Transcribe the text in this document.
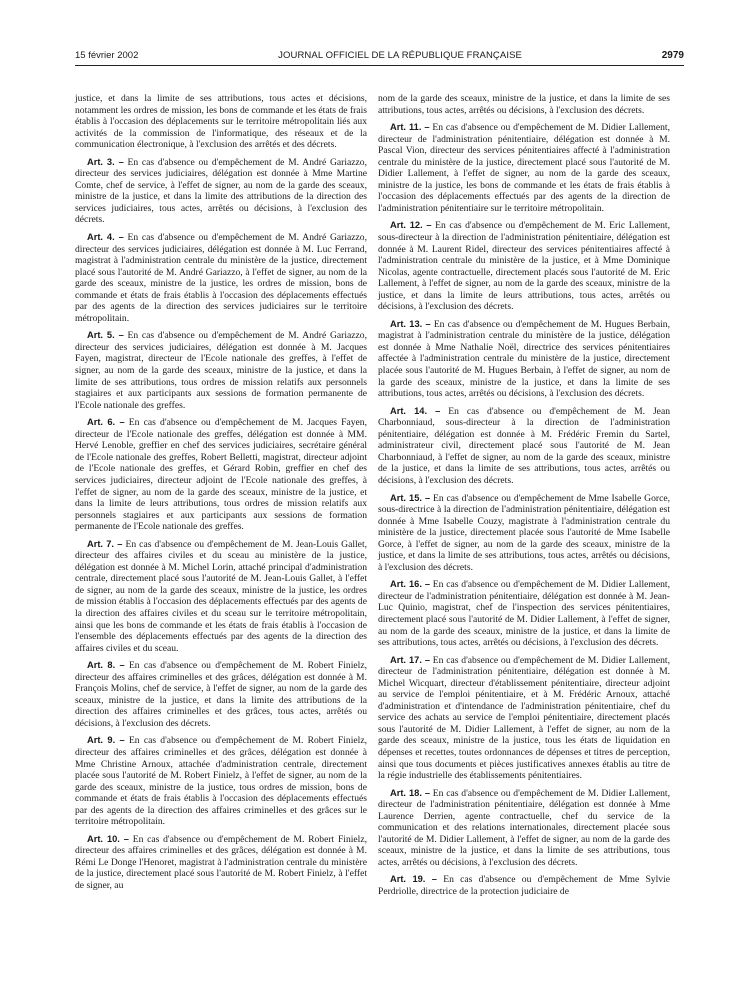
15 février 2002	JOURNAL OFFICIEL DE LA RÉPUBLIQUE FRANÇAISE	2979

justice, et dans la limite de ses attributions, tous actes et décisions, notamment les ordres de mission, les bons de commande et les états de frais établis à l'occasion des déplacements sur le territoire métropolitain liés aux activités de la commission de l'informatique, des réseaux et de la communication électronique, à l'exclusion des arrêtés et des décrets.

Art. 3. – En cas d'absence ou d'empêchement de M. André Gariazzo, directeur des services judiciaires, délégation est donnée à Mme Martine Comte, chef de service, à l'effet de signer, au nom de la garde des sceaux, ministre de la justice, et dans la limite des attributions de la direction des services judiciaires, tous actes, arrêtés ou décisions, à l'exclusion des décrets.

Art. 4. – En cas d'absence ou d'empêchement de M. André Gariazzo, directeur des services judiciaires, délégation est donnée à M. Luc Ferrand, magistrat à l'administration centrale du ministère de la justice, directement placé sous l'autorité de M. André Gariazzo, à l'effet de signer, au nom de la garde des sceaux, ministre de la justice, les ordres de mission, bons de commande et états de frais établis à l'occasion des déplacements effectués par des agents de la direction des services judiciaires sur le territoire métropolitain.

Art. 5. – En cas d'absence ou d'empêchement de M. André Gariazzo, directeur des services judiciaires, délégation est donnée à M. Jacques Fayen, magistrat, directeur de l'Ecole nationale des greffes, à l'effet de signer, au nom de la garde des sceaux, ministre de la justice, et dans la limite de ses attributions, tous ordres de mission relatifs aux personnels stagiaires et aux participants aux sessions de formation permanente de l'Ecole nationale des greffes.

Art. 6. – En cas d'absence ou d'empêchement de M. Jacques Fayen, directeur de l'Ecole nationale des greffes, délégation est donnée à MM. Hervé Lenoble, greffier en chef des services judiciaires, secrétaire général de l'Ecole nationale des greffes, Robert Belletti, magistrat, directeur adjoint de l'Ecole nationale des greffes, et Gérard Robin, greffier en chef des services judiciaires, directeur adjoint de l'Ecole nationale des greffes, à l'effet de signer, au nom de la garde des sceaux, ministre de la justice, et dans la limite de leurs attributions, tous ordres de mission relatifs aux personnels stagiaires et aux participants aux sessions de formation permanente de l'Ecole nationale des greffes.

Art. 7. – En cas d'absence ou d'empêchement de M. Jean-Louis Gallet, directeur des affaires civiles et du sceau au ministère de la justice, délégation est donnée à M. Michel Lorin, attaché principal d'administration centrale, directement placé sous l'autorité de M. Jean-Louis Gallet, à l'effet de signer, au nom de la garde des sceaux, ministre de la justice, les ordres de mission établis à l'occasion des déplacements effectués par des agents de la direction des affaires civiles et du sceau sur le territoire métropolitain, ainsi que les bons de commande et les états de frais établis à l'occasion de l'ensemble des déplacements effectués par des agents de la direction des affaires civiles et du sceau.

Art. 8. – En cas d'absence ou d'empêchement de M. Robert Finielz, directeur des affaires criminelles et des grâces, délégation est donnée à M. François Molins, chef de service, à l'effet de signer, au nom de la garde des sceaux, ministre de la justice, et dans la limite des attributions de la direction des affaires criminelles et des grâces, tous actes, arrêtés ou décisions, à l'exclusion des décrets.

Art. 9. – En cas d'absence ou d'empêchement de M. Robert Finielz, directeur des affaires criminelles et des grâces, délégation est donnée à Mme Christine Arnoux, attachée d'administration centrale, directement placée sous l'autorité de M. Robert Finielz, à l'effet de signer, au nom de la garde des sceaux, ministre de la justice, tous ordres de mission, bons de commande et états de frais établis à l'occasion des déplacements effectués par des agents de la direction des affaires criminelles et des grâces sur le territoire métropolitain.

Art. 10. – En cas d'absence ou d'empêchement de M. Robert Finielz, directeur des affaires criminelles et des grâces, délégation est donnée à M. Rémi Le Donge l'Henoret, magistrat à l'administration centrale du ministère de la justice, directement placé sous l'autorité de M. Robert Finielz, à l'effet de signer, au

nom de la garde des sceaux, ministre de la justice, et dans la limite de ses attributions, tous actes, arrêtés ou décisions, à l'exclusion des décrets.

Art. 11. – En cas d'absence ou d'empêchement de M. Didier Lallement, directeur de l'administration pénitentiaire, délégation est donnée à M. Pascal Vion, directeur des services pénitentiaires affecté à l'administration centrale du ministère de la justice, directement placé sous l'autorité de M. Didier Lallement, à l'effet de signer, au nom de la garde des sceaux, ministre de la justice, les bons de commande et les états de frais établis à l'occasion des déplacements effectués par des agents de la direction de l'administration pénitentiaire sur le territoire métropolitain.

Art. 12. – En cas d'absence ou d'empêchement de M. Eric Lallement, sous-directeur à la direction de l'administration pénitentiaire, délégation est donnée à M. Laurent Ridel, directeur des services pénitentiaires affecté à l'administration centrale du ministère de la justice, et à Mme Dominique Nicolas, agente contractuelle, directement placés sous l'autorité de M. Eric Lallement, à l'effet de signer, au nom de la garde des sceaux, ministre de la justice, et dans la limite de leurs attributions, tous actes, arrêtés ou décisions, à l'exclusion des décrets.

Art. 13. – En cas d'absence ou d'empêchement de M. Hugues Berbain, magistrat à l'administration centrale du ministère de la justice, délégation est donnée à Mme Nathalie Noël, directrice des services pénitentiaires affectée à l'administration centrale du ministère de la justice, directement placée sous l'autorité de M. Hugues Berbain, à l'effet de signer, au nom de la garde des sceaux, ministre de la justice, et dans la limite de ses attributions, tous actes, arrêtés ou décisions, à l'exclusion des décrets.

Art. 14. – En cas d'absence ou d'empêchement de M. Jean Charbonniaud, sous-directeur à la direction de l'administration pénitentiaire, délégation est donnée à M. Frédéric Fremin du Sartel, administrateur civil, directement placé sous l'autorité de M. Jean Charbonniaud, à l'effet de signer, au nom de la garde des sceaux, ministre de la justice, et dans la limite de ses attributions, tous actes, arrêtés ou décisions, à l'exclusion des décrets.

Art. 15. – En cas d'absence ou d'empêchement de Mme Isabelle Gorce, sous-directrice à la direction de l'administration pénitentiaire, délégation est donnée à Mme Isabelle Couzy, magistrate à l'administration centrale du ministère de la justice, directement placée sous l'autorité de Mme Isabelle Gorce, à l'effet de signer, au nom de la garde des sceaux, ministre de la justice, et dans la limite de ses attributions, tous actes, arrêtés ou décisions, à l'exclusion des décrets.

Art. 16. – En cas d'absence ou d'empêchement de M. Didier Lallement, directeur de l'administration pénitentiaire, délégation est donnée à M. Jean-Luc Quinio, magistrat, chef de l'inspection des services pénitentiaires, directement placé sous l'autorité de M. Didier Lallement, à l'effet de signer, au nom de la garde des sceaux, ministre de la justice, et dans la limite de ses attributions, tous actes, arrêtés ou décisions, à l'exclusion des décrets.

Art. 17. – En cas d'absence ou d'empêchement de M. Didier Lallement, directeur de l'administration pénitentiaire, délégation est donnée à M. Michel Wicquart, directeur d'établissement pénitentiaire, directeur adjoint au service de l'emploi pénitentiaire, et à M. Frédéric Arnoux, attaché d'administration et d'intendance de l'administration pénitentiaire, chef du service des achats au service de l'emploi pénitentiaire, directement placés sous l'autorité de M. Didier Lallement, à l'effet de signer, au nom de la garde des sceaux, ministre de la justice, tous les états de liquidation en dépenses et recettes, toutes ordonnances de dépenses et titres de perception, ainsi que tous documents et pièces justificatives annexes établis au titre de la régie industrielle des établissements pénitentiaires.

Art. 18. – En cas d'absence ou d'empêchement de M. Didier Lallement, directeur de l'administration pénitentiaire, délégation est donnée à Mme Laurence Derrien, agente contractuelle, chef du service de la communication et des relations internationales, directement placée sous l'autorité de M. Didier Lallement, à l'effet de signer, au nom de la garde des sceaux, ministre de la justice, et dans la limite de ses attributions, tous actes, arrêtés ou décisions, à l'exclusion des décrets.

Art. 19. – En cas d'absence ou d'empêchement de Mme Sylvie Perdriolle, directrice de la protection judiciaire de
